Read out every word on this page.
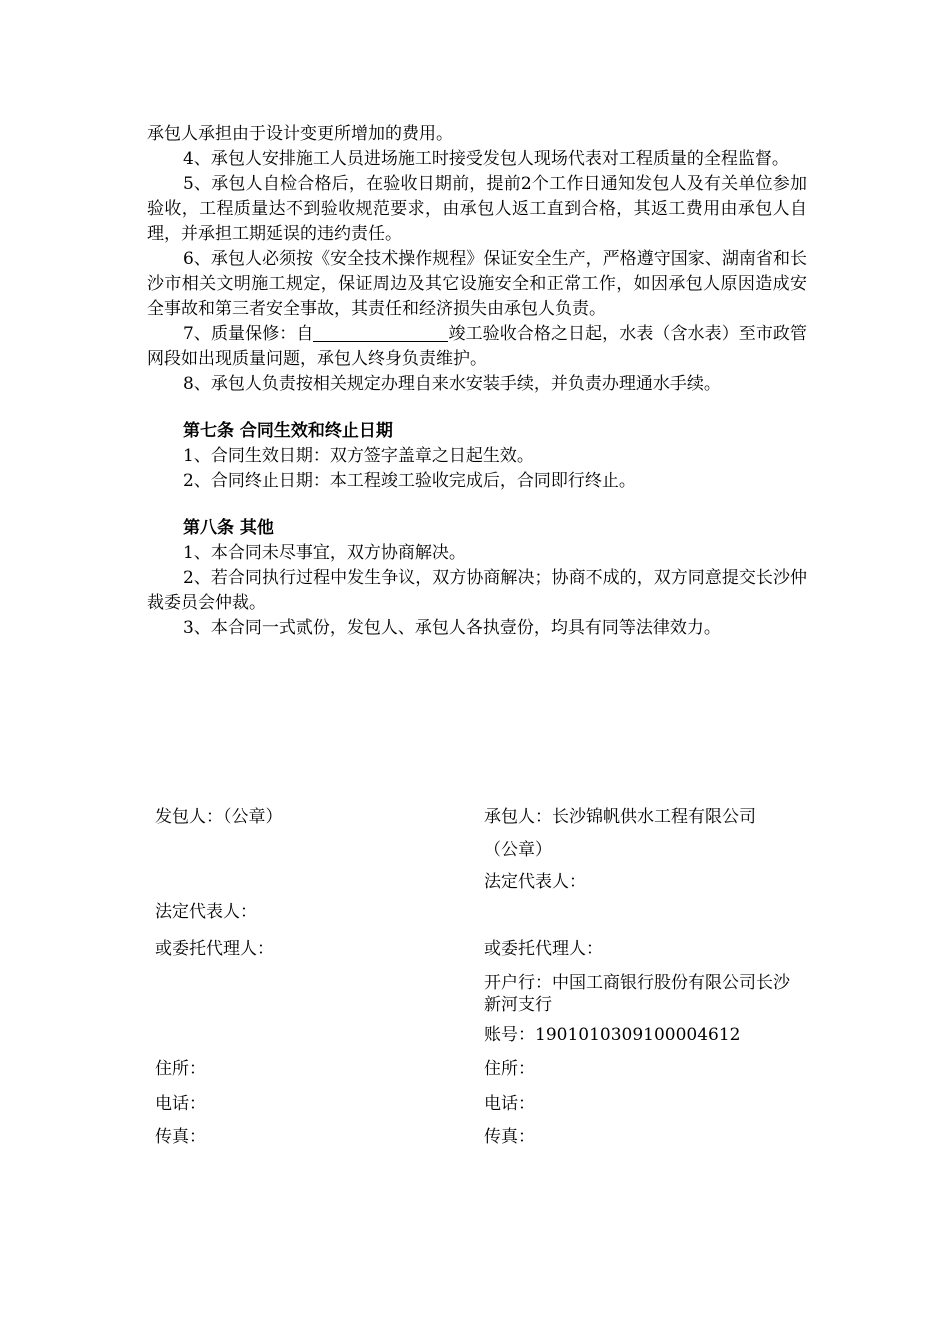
承包人承担由于设计变更所增加的费用。

4、承包人安排施工人员进场施工时接受发包人现场代表对工程质量的全程监督。

5、承包人自检合格后，在验收日期前，提前2个工作日通知发包人及有关单位参加验收，工程质量达不到验收规范要求，由承包人返工直到合格，其返工费用由承包人自理，并承担工期延误的违约责任。

6、承包人必须按《安全技术操作规程》保证安全生产，严格遵守国家、湖南省和长沙市相关文明施工规定，保证周边及其它设施安全和正常工作，如因承包人原因造成安全事故和第三者安全事故，其责任和经济损失由承包人负责。

7、质量保修：自	竣工验收合格之日起，水表（含水表）至市政管网段如出现质量问题，承包人终身负责维护。

8、承包人负责按相关规定办理自来水安装手续，并负责办理通水手续。

第七条 合同生效和终止日期

1、合同生效日期：双方签字盖章之日起生效。

2、合同终止日期：本工程竣工验收完成后，合同即行终止。

第八条 其他

1、本合同未尽事宜，双方协商解决。

2、若合同执行过程中发生争议，双方协商解决；协商不成的，双方同意提交长沙仲裁委员会仲裁。

3、本合同一式贰份，发包人、承包人各执壹份，均具有同等法律效力。

发包人：（公章）
法定代表人：
或委托代理人：
住所：
电话：
传真：
承包人：长沙锦帆供水工程有限公司
（公章）
法定代表人：
或委托代理人：
开户行：中国工商银行股份有限公司长沙新河支行
账号：1901010309100004612
住所：
电话：
传真：
